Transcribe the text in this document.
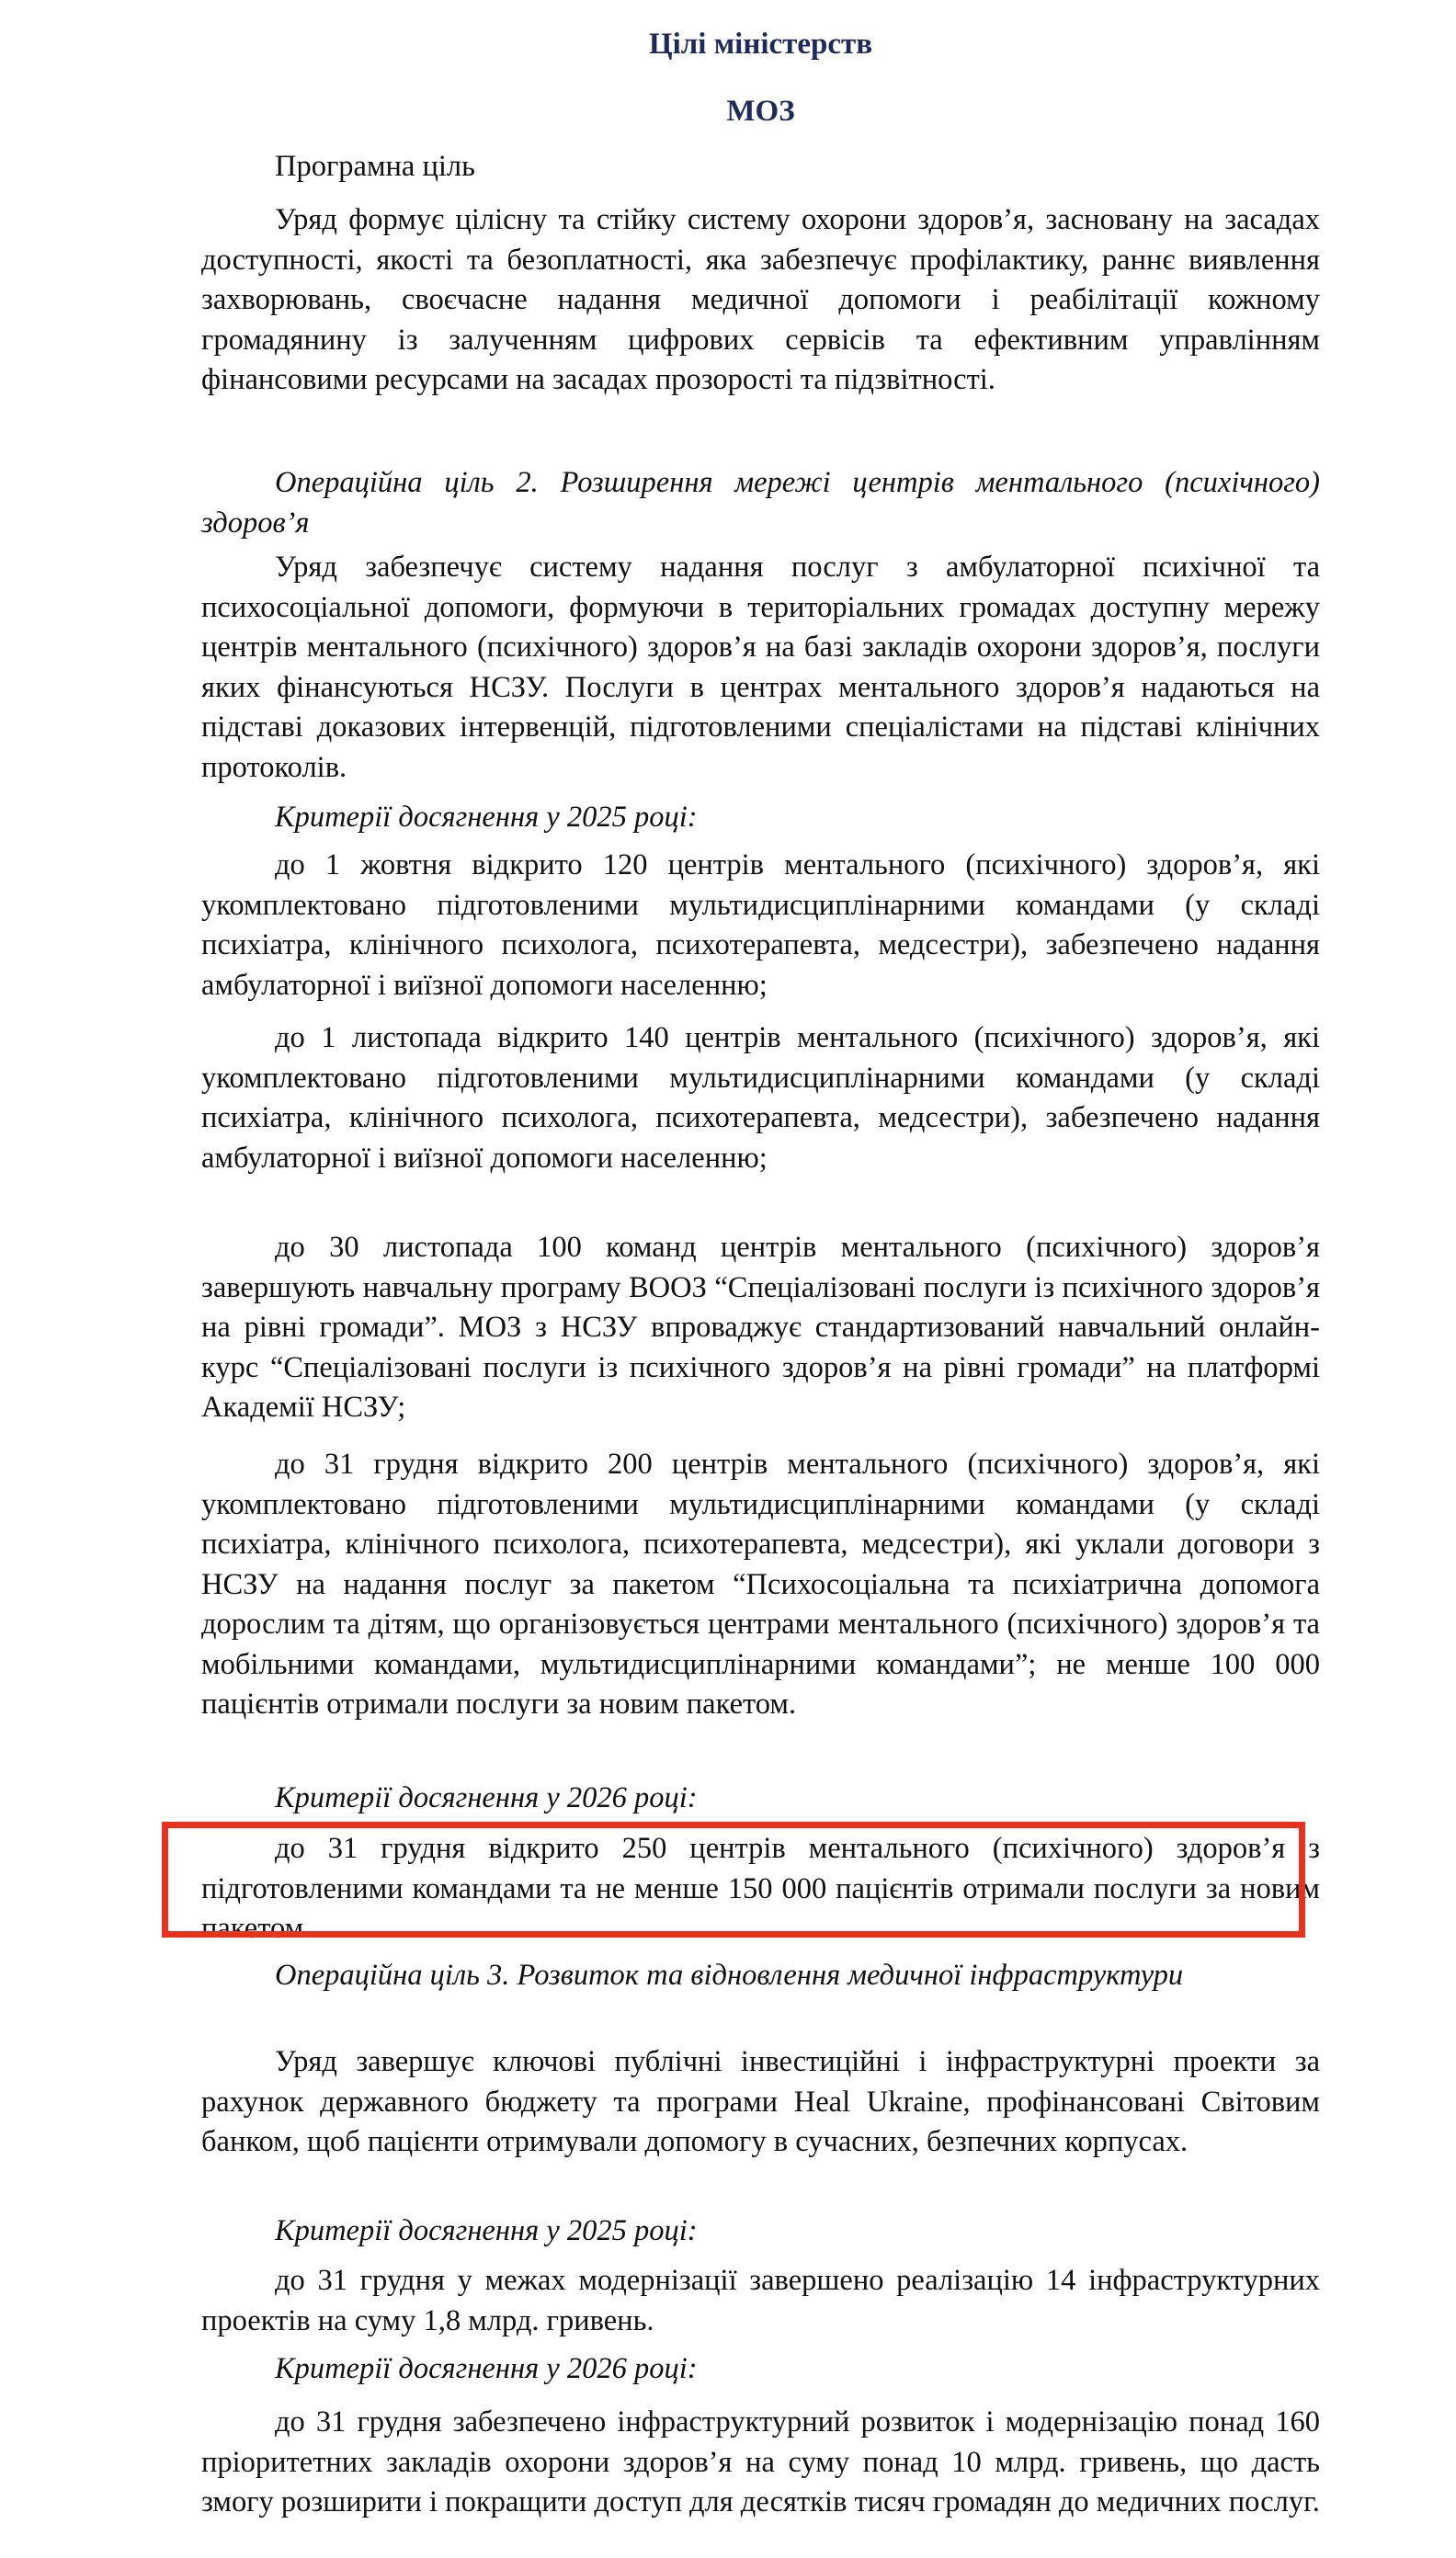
Цілі міністерств
МОЗ

Програмна ціль

Уряд формує цілісну та стійку систему охорони здоров’я, засновану на засадах доступності, якості та безоплатності, яка забезпечує профілактику, раннє виявлення захворювань, своєчасне надання медичної допомоги і реабілітації кожному громадянину із залученням цифрових сервісів та ефективним управлінням фінансовими ресурсами на засадах прозорості та підзвітності.

Операційна ціль 2. Розширення мережі центрів ментального (психічного) здоров’я

Уряд забезпечує систему надання послуг з амбулаторної психічної та психосоціальної допомоги, формуючи в територіальних громадах доступну мережу центрів ментального (психічного) здоров’я на базі закладів охорони здоров’я, послуги яких фінансуються НСЗУ. Послуги в центрах ментального здоров’я надаються на підставі доказових інтервенцій, підготовленими спеціалістами на підставі клінічних протоколів.

Критерії досягнення у 2025 році:

до 1 жовтня відкрито 120 центрів ментального (психічного) здоров’я, які укомплектовано підготовленими мультидисциплінарними командами (у складі психіатра, клінічного психолога, психотерапевта, медсестри), забезпечено надання амбулаторної і виїзної допомоги населенню;

до 1 листопада відкрито 140 центрів ментального (психічного) здоров’я, які укомплектовано підготовленими мультидисциплінарними командами (у складі психіатра, клінічного психолога, психотерапевта, медсестри), забезпечено надання амбулаторної і виїзної допомоги населенню;

до 30 листопада 100 команд центрів ментального (психічного) здоров’я завершують навчальну програму ВООЗ “Спеціалізовані послуги із психічного здоров’я на рівні громади”. МОЗ з НСЗУ впроваджує стандартизований навчальний онлайн-курс “Спеціалізовані послуги із психічного здоров’я на рівні громади” на платформі Академії НСЗУ;

до 31 грудня відкрито 200 центрів ментального (психічного) здоров’я, які укомплектовано підготовленими мультидисциплінарними командами (у складі психіатра, клінічного психолога, психотерапевта, медсестри), які уклали договори з НСЗУ на надання послуг за пакетом “Психосоціальна та психіатрична допомога дорослим та дітям, що організовується центрами ментального (психічного) здоров’я та мобільними командами, мультидисциплінарними командами”; не менше 100 000 пацієнтів отримали послуги за новим пакетом.

Критерії досягнення у 2026 році:

до 31 грудня відкрито 250 центрів ментального (психічного) здоров’я з підготовленими командами та не менше 150 000 пацієнтів отримали послуги за новим пакетом.

Операційна ціль 3. Розвиток та відновлення медичної інфраструктури

Уряд завершує ключові публічні інвестиційні і інфраструктурні проекти за рахунок державного бюджету та програми Heal Ukraine, профінансовані Світовим банком, щоб пацієнти отримували допомогу в сучасних, безпечних корпусах.

Критерії досягнення у 2025 році:

до 31 грудня у межах модернізації завершено реалізацію 14 інфраструктурних проектів на суму 1,8 млрд. гривень.

Критерії досягнення у 2026 році:

до 31 грудня забезпечено інфраструктурний розвиток і модернізацію понад 160 пріоритетних закладів охорони здоров’я на суму понад 10 млрд. гривень, що дасть змогу розширити і покращити доступ для десятків тисяч громадян до медичних послуг.
